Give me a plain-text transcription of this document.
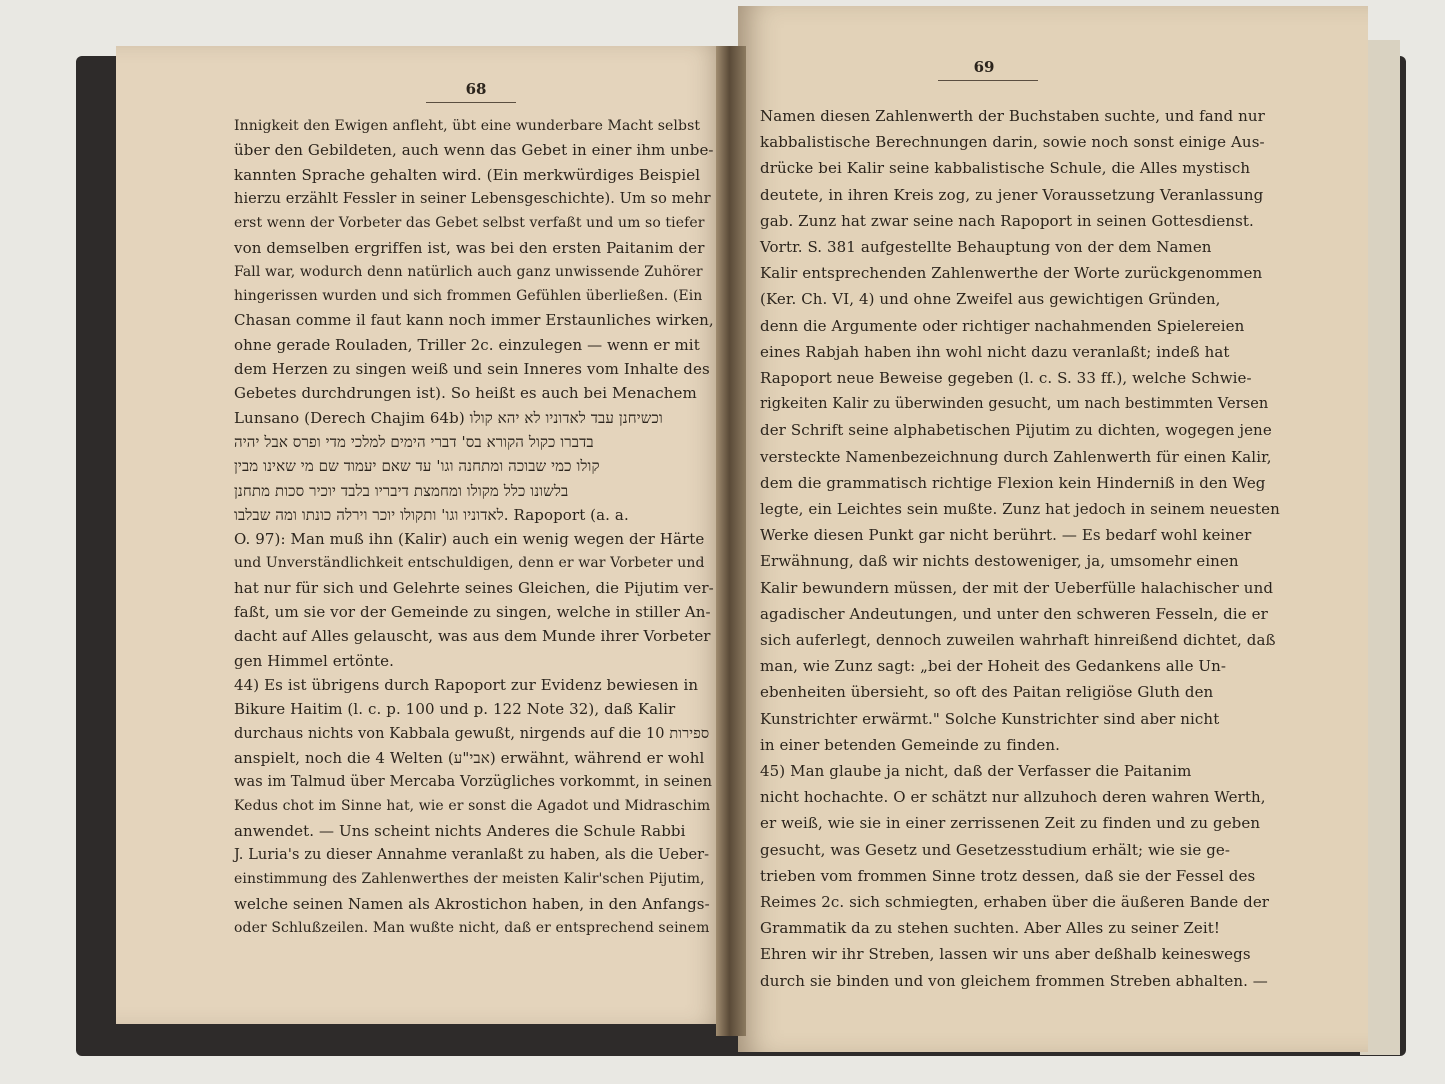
68
Innigkeit den Ewigen anfleht, übt eine wunderbare Macht selbst
über den Gebildeten, auch wenn das Gebet in einer ihm unbe-
kannten Sprache gehalten wird. (Ein merkwürdiges Beispiel
hierzu erzählt Fessler in seiner Lebensgeschichte). Um so mehr
erst wenn der Vorbeter das Gebet selbst verfaßt und um so tiefer
von demselben ergriffen ist, was bei den ersten Paitanim der
Fall war, wodurch denn natürlich auch ganz unwissende Zuhörer
hingerissen wurden und sich frommen Gefühlen überließen. (Ein
Chasan comme il faut kann noch immer Erstaunliches wirken,
ohne gerade Rouladen, Triller 2c. einzulegen — wenn er mit
dem Herzen zu singen weiß und sein Inneres vom Inhalte des
Gebetes durchdrungen ist). So heißt es auch bei Menachem
Lunsano (Derech Chajim 64b) וכשיחנן עבד לאדוניו לא יהא קולו
בדברו כקול הקורא בס' דברי הימים למלכי מדי ופרס אבל יהיה
קולו כמי שבוכה ומתחנה וגו' עד שאם יעמוד שם מי שאינו מבין
בלשונו כלל מקולו ומחמצת דיבריו בלבד יוכיר סכות מתחנן
לאדוניו וגו' ותקולו יוכר וירלה כונתו ומה שבלבו. Rapoport (a. a.
O. 97): Man muß ihn (Kalir) auch ein wenig wegen der Härte
und Unverständlichkeit entschuldigen, denn er war Vorbeter und
hat nur für sich und Gelehrte seines Gleichen, die Pijutim ver-
faßt, um sie vor der Gemeinde zu singen, welche in stiller An-
dacht auf Alles gelauscht, was aus dem Munde ihrer Vorbeter
gen Himmel ertönte.
44) Es ist übrigens durch Rapoport zur Evidenz bewiesen in
Bikure Haitim (l. c. p. 100 und p. 122 Note 32), daß Kalir
durchaus nichts von Kabbala gewußt, nirgends auf die 10 ספירות
anspielt, noch die 4 Welten (אבי"ע) erwähnt, während er wohl
was im Talmud über Mercaba Vorzügliches vorkommt, in seinen
Kedus chot im Sinne hat, wie er sonst die Agadot und Midraschim
anwendet. — Uns scheint nichts Anderes die Schule Rabbi
J. Luria's zu dieser Annahme veranlaßt zu haben, als die Ueber-
einstimmung des Zahlenwerthes der meisten Kalir'schen Pijutim,
welche seinen Namen als Akrostichon haben, in den Anfangs-
oder Schlußzeilen. Man wußte nicht, daß er entsprechend seinem
69
Namen diesen Zahlenwerth der Buchstaben suchte, und fand nur
kabbalistische Berechnungen darin, sowie noch sonst einige Aus-
drücke bei Kalir seine kabbalistische Schule, die Alles mystisch
deutete, in ihren Kreis zog, zu jener Voraussetzung Veranlassung
gab. Zunz hat zwar seine nach Rapoport in seinen Gottesdienst.
Vortr. S. 381 aufgestellte Behauptung von der dem Namen
Kalir entsprechenden Zahlenwerthe der Worte zurückgenommen
(Ker. Ch. VI, 4) und ohne Zweifel aus gewichtigen Gründen,
denn die Argumente oder richtiger nachahmenden Spielereien
eines Rabjah haben ihn wohl nicht dazu veranlaßt; indeß hat
Rapoport neue Beweise gegeben (l. c. S. 33 ff.), welche Schwie-
rigkeiten Kalir zu überwinden gesucht, um nach bestimmten Versen
der Schrift seine alphabetischen Pijutim zu dichten, wogegen jene
versteckte Namenbezeichnung durch Zahlenwerth für einen Kalir,
dem die grammatisch richtige Flexion kein Hinderniß in den Weg
legte, ein Leichtes sein mußte. Zunz hat jedoch in seinem neuesten
Werke diesen Punkt gar nicht berührt. — Es bedarf wohl keiner
Erwähnung, daß wir nichts destoweniger, ja, umsomehr einen
Kalir bewundern müssen, der mit der Ueberfülle halachischer und
agadischer Andeutungen, und unter den schweren Fesseln, die er
sich auferlegt, dennoch zuweilen wahrhaft hinreißend dichtet, daß
man, wie Zunz sagt: „bei der Hoheit des Gedankens alle Un-
ebenheiten übersieht, so oft des Paitan religiöse Gluth den
Kunstrichter erwärmt." Solche Kunstrichter sind aber nicht
in einer betenden Gemeinde zu finden.
45) Man glaube ja nicht, daß der Verfasser die Paitanim
nicht hochachte. O er schätzt nur allzuhoch deren wahren Werth,
er weiß, wie sie in einer zerrissenen Zeit zu finden und zu geben
gesucht, was Gesetz und Gesetzesstudium erhält; wie sie ge-
trieben vom frommen Sinne trotz dessen, daß sie der Fessel des
Reimes 2c. sich schmiegten, erhaben über die äußeren Bande der
Grammatik da zu stehen suchten. Aber Alles zu seiner Zeit!
Ehren wir ihr Streben, lassen wir uns aber deßhalb keineswegs
durch sie binden und von gleichem frommen Streben abhalten. —
